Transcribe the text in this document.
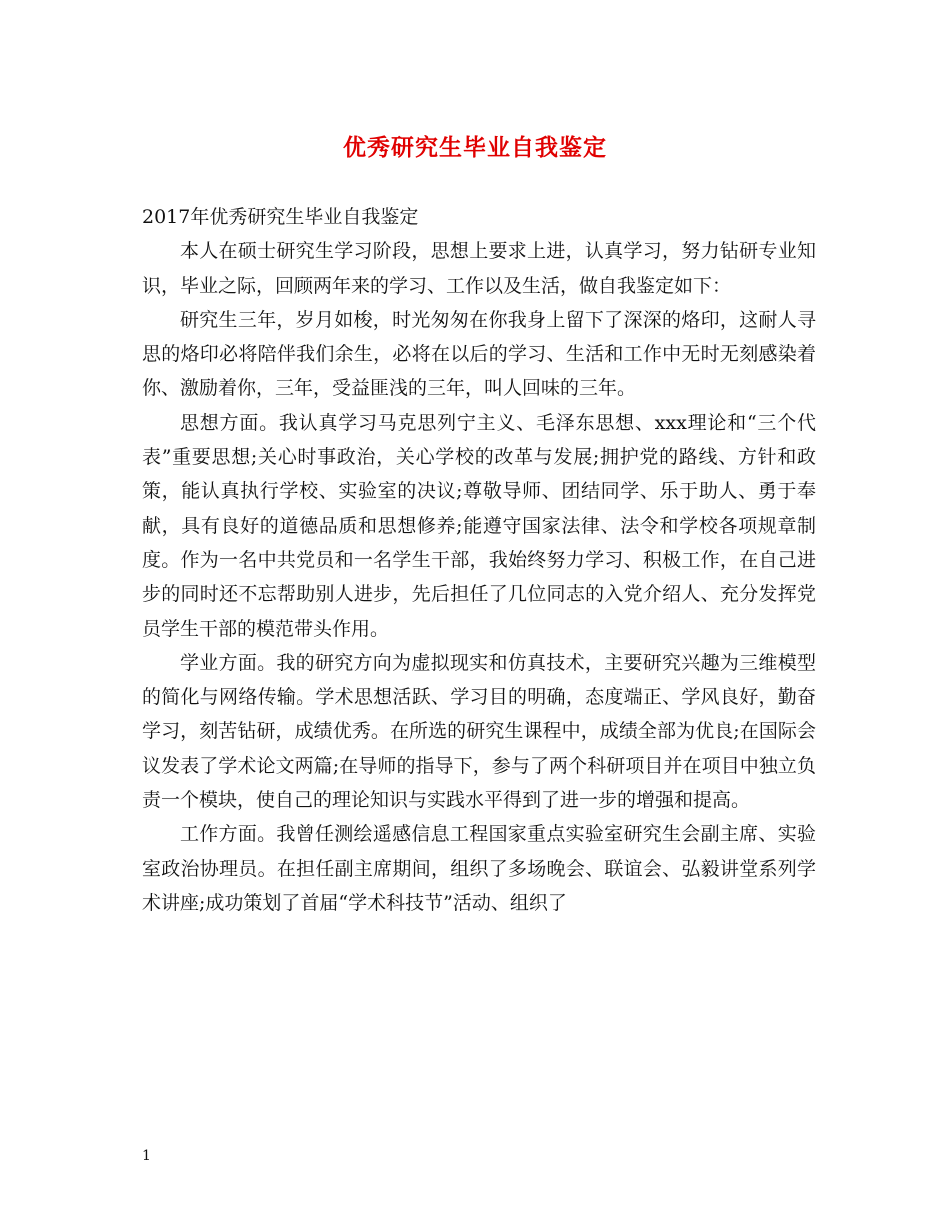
优秀研究生毕业自我鉴定

2017年优秀研究生毕业自我鉴定

本人在硕士研究生学习阶段，思想上要求上进，认真学习，努力钻研专业知识，毕业之际，回顾两年来的学习、工作以及生活，做自我鉴定如下：

研究生三年，岁月如梭，时光匆匆在你我身上留下了深深的烙印，这耐人寻思的烙印必将陪伴我们余生，必将在以后的学习、生活和工作中无时无刻感染着你、激励着你，三年，受益匪浅的三年，叫人回味的三年。

思想方面。我认真学习马克思列宁主义、毛泽东思想、xxx理论和“三个代表”重要思想;关心时事政治，关心学校的改革与发展;拥护党的路线、方针和政策，能认真执行学校、实验室的决议;尊敬导师、团结同学、乐于助人、勇于奉献，具有良好的道德品质和思想修养;能遵守国家法律、法令和学校各项规章制度。作为一名中共党员和一名学生干部，我始终努力学习、积极工作，在自己进步的同时还不忘帮助别人进步，先后担任了几位同志的入党介绍人、充分发挥党员学生干部的模范带头作用。

学业方面。我的研究方向为虚拟现实和仿真技术，主要研究兴趣为三维模型的简化与网络传输。学术思想活跃、学习目的明确，态度端正、学风良好，勤奋学习，刻苦钻研，成绩优秀。在所选的研究生课程中，成绩全部为优良;在国际会议发表了学术论文两篇;在导师的指导下，参与了两个科研项目并在项目中独立负责一个模块，使自己的理论知识与实践水平得到了进一步的增强和提高。

工作方面。我曾任测绘遥感信息工程国家重点实验室研究生会副主席、实验室政治协理员。在担任副主席期间，组织了多场晚会、联谊会、弘毅讲堂系列学术讲座;成功策划了首届“学术科技节”活动、组织了

1
